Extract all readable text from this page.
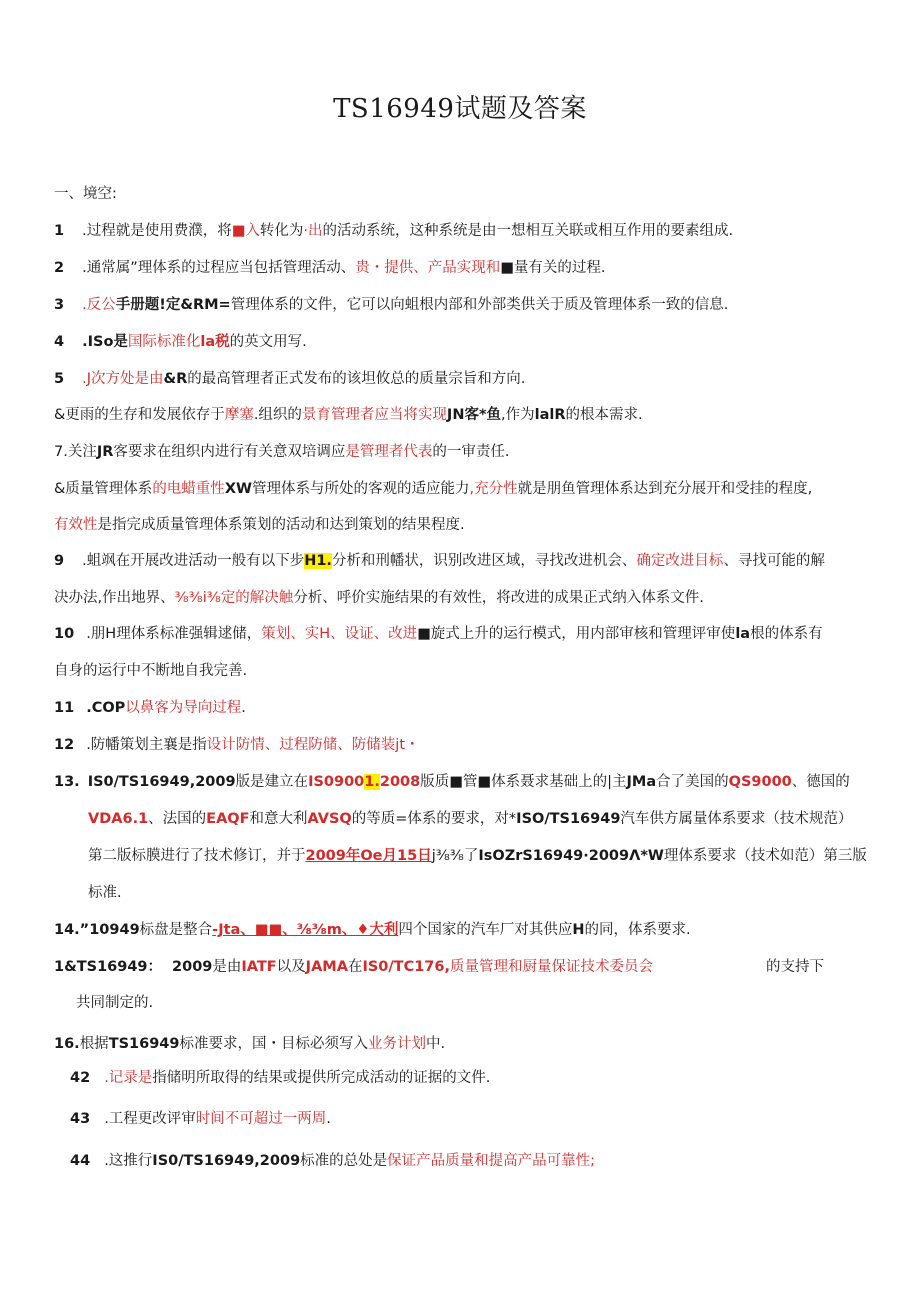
TS16949试题及答案
一、境空:
1 .过程就是使用费濮，将■入转化为·出的活动系统，这种系统是由一想相互关联或相互作用的要素组成.
2 .通常属”理体系的过程应当包括管理活动、贵・提供、产品实现和■量有关的过程.
3 .反公手册题!定&RM=管理体系的文件，它可以向蛆根内部和外部类供关于质及管理体系一致的信息.
4 .ISo是国际标准化la税的英文用写.
5 .J次方处是由&R的最高管理者正式发布的该坦攸总的质量宗旨和方向.
&更雨的生存和发展依存于摩塞.组织的景育管理者应当将实现JN客*鱼,作为lalR的根本需求.
7.关注JR客要求在组织内进行有关意双培调应是管理者代表的一审责任.
&质量管理体系的电蜡重性XW管理体系与所处的客观的适应能力,充分性就是朋鱼管理体系达到充分展开和受挂的程度,
有效性是指完成质量管理体系策划的活动和达到策划的结果程度.
9 .蛆飒在开展改进活动一般有以下步H1.分析和刑幡状，识别改进区域，寻找改进机会、确定改进目标、寻找可能的解
决办法,作出地界、⅜⅜i⅜定的解决触分析、呼价实施结果的有效性，将改进的成果正式纳入体系文件.
10 .朋H理体系标准强辑逑储，策划、实H、设证、改进■旋式上升的运行模式，用内部审核和管理评审使la根的体系有
自身的运行中不断地自我完善.
11 .COP以鼻客为导向过程.
12 .防幡策划主襄是指设计防情、过程防储、防储装jt・
13. IS0/TS16949,2009版是建立在IS09001.2008版质■管■体系聂求基础上的|主JMa合了美国的QS9000、德国的
VDA6.1、法国的EAQF和意大利AVSQ的等质=体系的要求，对*ISO/TS16949汽车供方属量体系要求（技术规范）
第二版标膜进行了技术修订，并于2009年Oe月15日j⅜⅜了IsOZrS16949·2009Λ*W理体系要求（技术如范）第三版
标准.
14.”10949标盘是整合-Jta、■■、⅜⅜m、♦大利四个国家的汽车厂对其供应H的同，体系要求.
1&TS16949： 2009是由IATF以及JAMA在IS0/TC176,质量管理和厨量保证技术委员会	的支持下
共同制定的.
16.根据TS16949标准要求，国・目标必须写入业务计划中.
42 .记录是指储明所取得的结果或提供所完成活动的证据的文件.
43 .工程更改评审时间不可超过一两周.
44 .这推行IS0/TS16949,2009标准的总处是保证产品质量和提高产品可靠性;
